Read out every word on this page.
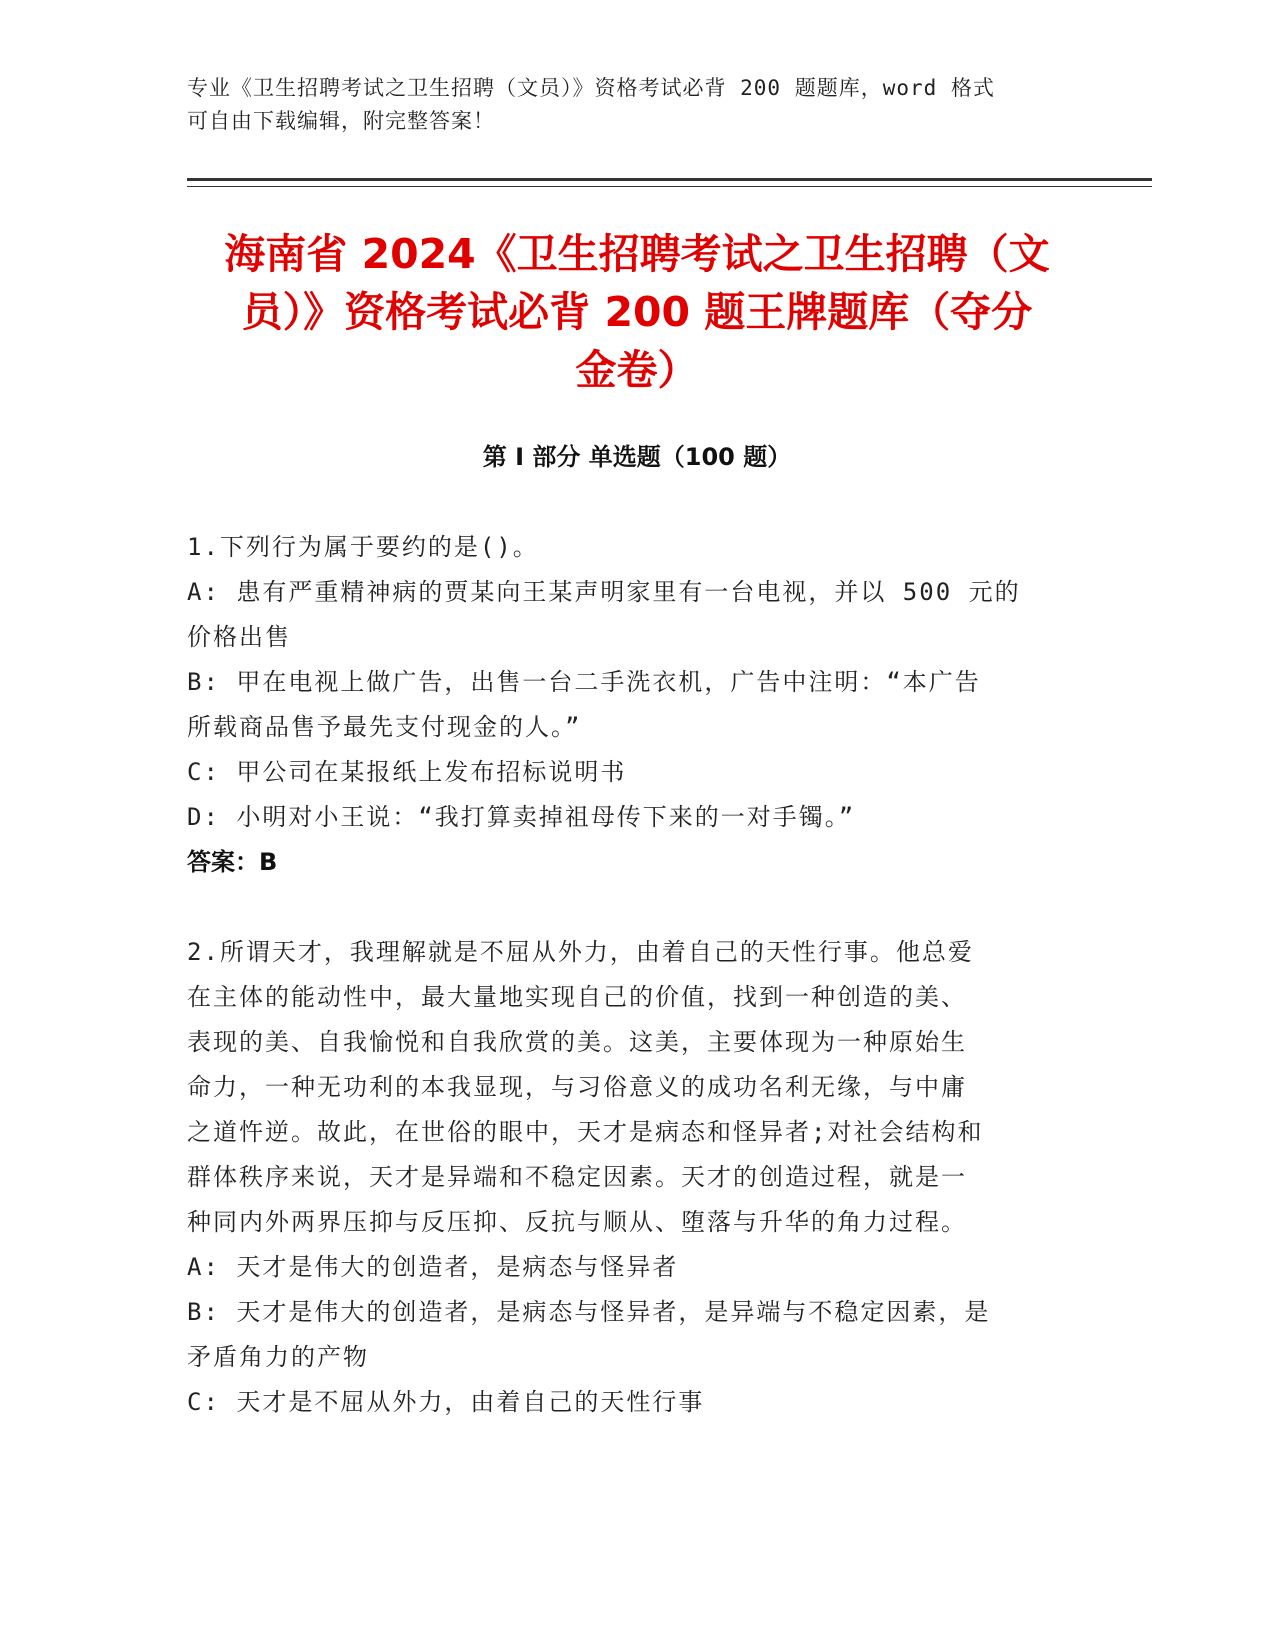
专业《卫生招聘考试之卫生招聘（文员）》资格考试必背 200 题题库，word 格式
可自由下载编辑，附完整答案！
海南省 2024《卫生招聘考试之卫生招聘（文
员）》资格考试必背 200 题王牌题库（夺分
金卷）
第 I 部分 单选题（100 题）

1.下列行为属于要约的是()。

A: 患有严重精神病的贾某向王某声明家里有一台电视，并以 500 元的

价格出售

B: 甲在电视上做广告，出售一台二手洗衣机，广告中注明：“本广告

所载商品售予最先支付现金的人。”

C: 甲公司在某报纸上发布招标说明书

D: 小明对小王说：“我打算卖掉祖母传下来的一对手镯。”

答案：B

2.所谓天才，我理解就是不屈从外力，由着自己的天性行事。他总爱

在主体的能动性中，最大量地实现自己的价值，找到一种创造的美、

表现的美、自我愉悦和自我欣赏的美。这美，主要体现为一种原始生

命力，一种无功利的本我显现，与习俗意义的成功名利无缘，与中庸

之道忤逆。故此，在世俗的眼中，天才是病态和怪异者;对社会结构和

群体秩序来说，天才是异端和不稳定因素。天才的创造过程，就是一

种同内外两界压抑与反压抑、反抗与顺从、堕落与升华的角力过程。

A: 天才是伟大的创造者，是病态与怪异者

B: 天才是伟大的创造者，是病态与怪异者，是异端与不稳定因素，是

矛盾角力的产物

C: 天才是不屈从外力，由着自己的天性行事
